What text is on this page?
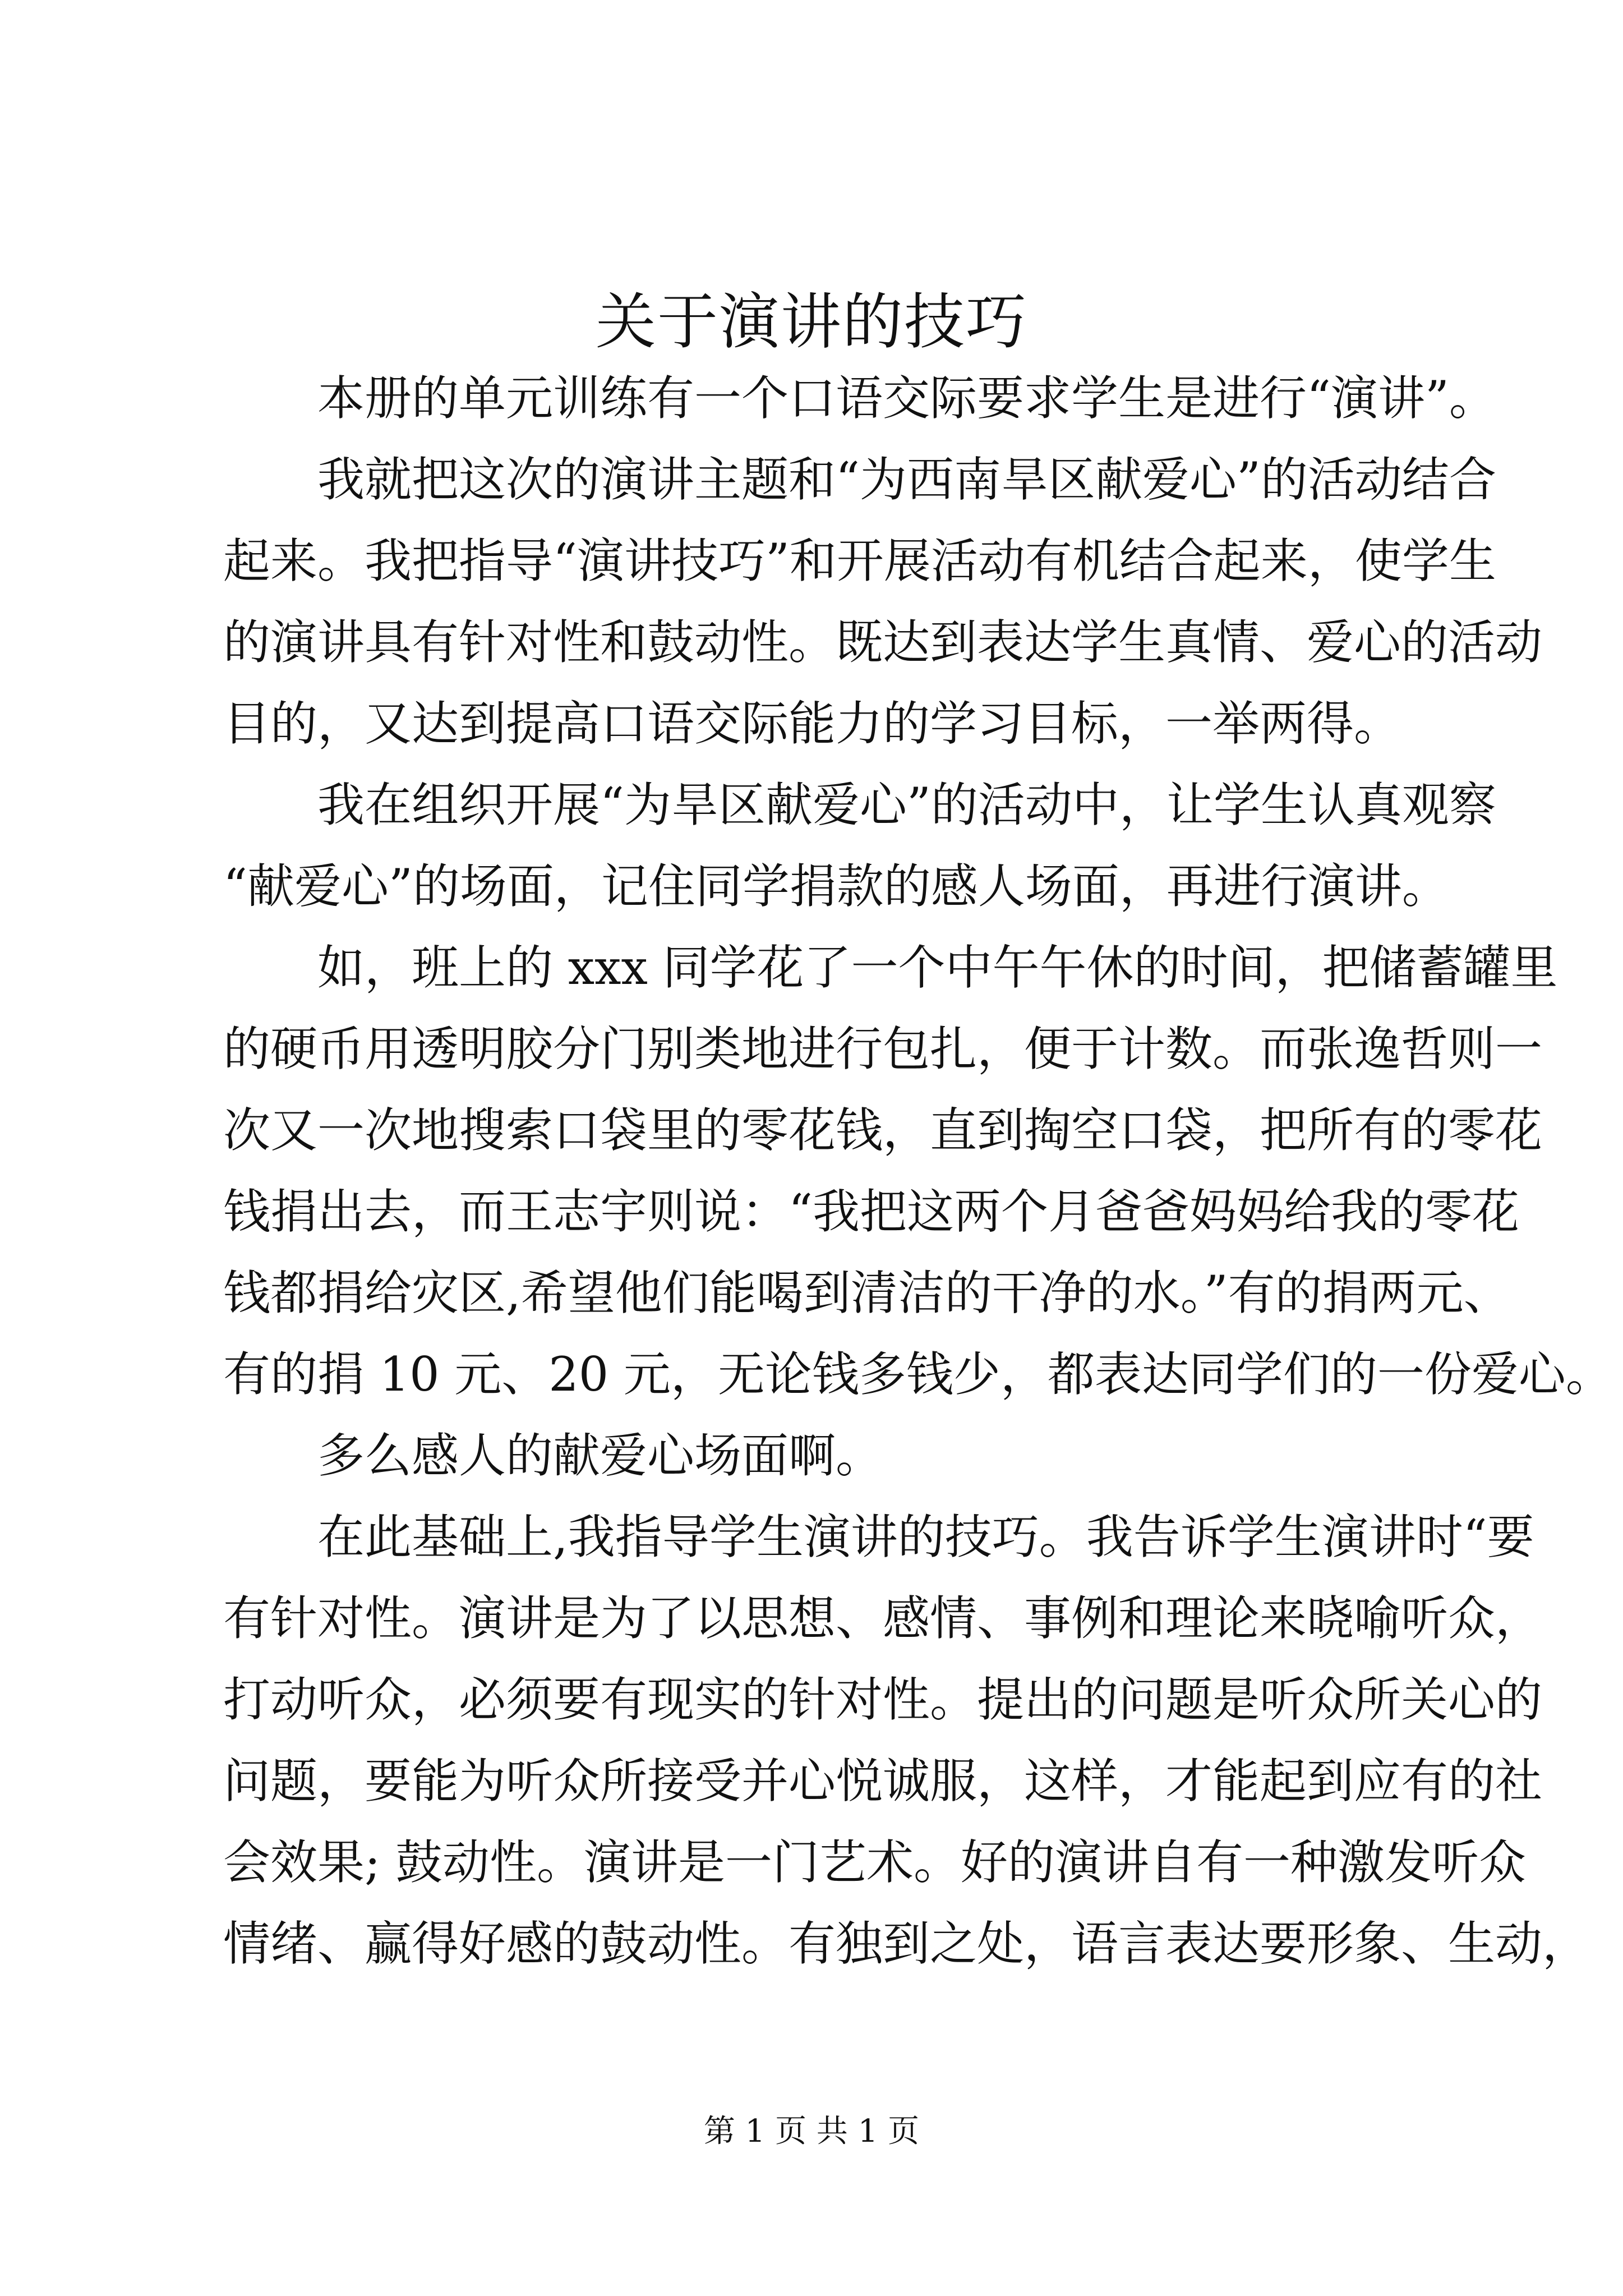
关于演讲的技巧
本册的单元训练有一个口语交际要求学生是进行“演讲”。
我就把这次的演讲主题和“为西南旱区献爱心”的活动结合
起来。我把指导“演讲技巧”和开展活动有机结合起来，使学生
的演讲具有针对性和鼓动性。既达到表达学生真情、爱心的活动
目的，又达到提高口语交际能力的学习目标，一举两得。
我在组织开展“为旱区献爱心”的活动中，让学生认真观察
“献爱心”的场面，记住同学捐款的感人场面，再进行演讲。
如，班上的 xxx 同学花了一个中午午休的时间，把储蓄罐里
的硬币用透明胶分门别类地进行包扎，便于计数。而张逸哲则一
次又一次地搜索口袋里的零花钱，直到掏空口袋，把所有的零花
钱捐出去，而王志宇则说：“我把这两个月爸爸妈妈给我的零花
钱都捐给灾区,希望他们能喝到清洁的干净的水。”有的捐两元、
有的捐 10 元、20 元，无论钱多钱少，都表达同学们的一份爱心。
多么感人的献爱心场面啊。
在此基础上,我指导学生演讲的技巧。我告诉学生演讲时“要
有针对性。演讲是为了以思想、感情、事例和理论来晓喻听众，
打动听众，必须要有现实的针对性。提出的问题是听众所关心的
问题，要能为听众所接受并心悦诚服，这样，才能起到应有的社
会效果; 鼓动性。演讲是一门艺术。好的演讲自有一种激发听众
情绪、赢得好感的鼓动性。有独到之处，语言表达要形象、生动，
第 1 页 共 1 页
